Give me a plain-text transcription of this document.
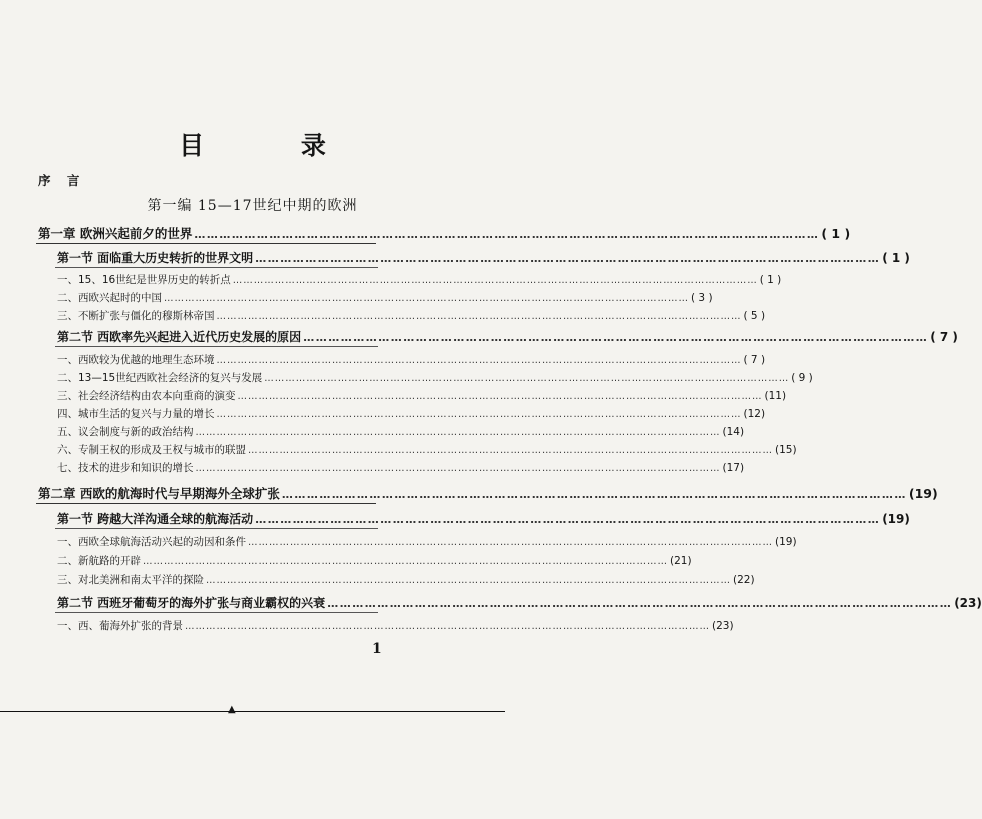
目 录
序 言
第一编 15—17世纪中期的欧洲
第一章 欧洲兴起前夕的世界 …………………………………………………………………………………………………………………………………… ( 1 )
第一节 面临重大历史转折的世界文明 …………………………………………………………………………………………………………………………………… ( 1 )
一、15、16世纪是世界历史的转折点 …………………………………………………………………………………………………………………………………… ( 1 )
二、西欧兴起时的中国 …………………………………………………………………………………………………………………………………… ( 3 )
三、不断扩张与僵化的穆斯林帝国 …………………………………………………………………………………………………………………………………… ( 5 )
第二节 西欧率先兴起进入近代历史发展的原因 …………………………………………………………………………………………………………………………………… ( 7 )
一、西欧较为优越的地理生态环境 …………………………………………………………………………………………………………………………………… ( 7 )
二、13—15世纪西欧社会经济的复兴与发展 …………………………………………………………………………………………………………………………………… ( 9 )
三、社会经济结构由农本向重商的演变 …………………………………………………………………………………………………………………………………… (11)
四、城市生活的复兴与力量的增长 …………………………………………………………………………………………………………………………………… (12)
五、议会制度与新的政治结构 …………………………………………………………………………………………………………………………………… (14)
六、专制王权的形成及王权与城市的联盟 …………………………………………………………………………………………………………………………………… (15)
七、技术的进步和知识的增长 …………………………………………………………………………………………………………………………………… (17)
第二章 西欧的航海时代与早期海外全球扩张 …………………………………………………………………………………………………………………………………… (19)
第一节 跨越大洋沟通全球的航海活动 …………………………………………………………………………………………………………………………………… (19)
一、西欧全球航海活动兴起的动因和条件 …………………………………………………………………………………………………………………………………… (19)
二、新航路的开辟 …………………………………………………………………………………………………………………………………… (21)
三、对北美洲和南太平洋的探险 …………………………………………………………………………………………………………………………………… (22)
第二节 西班牙葡萄牙的海外扩张与商业霸权的兴衰 …………………………………………………………………………………………………………………………………… (23)
一、西、葡海外扩张的背景 …………………………………………………………………………………………………………………………………… (23)
1
▲
